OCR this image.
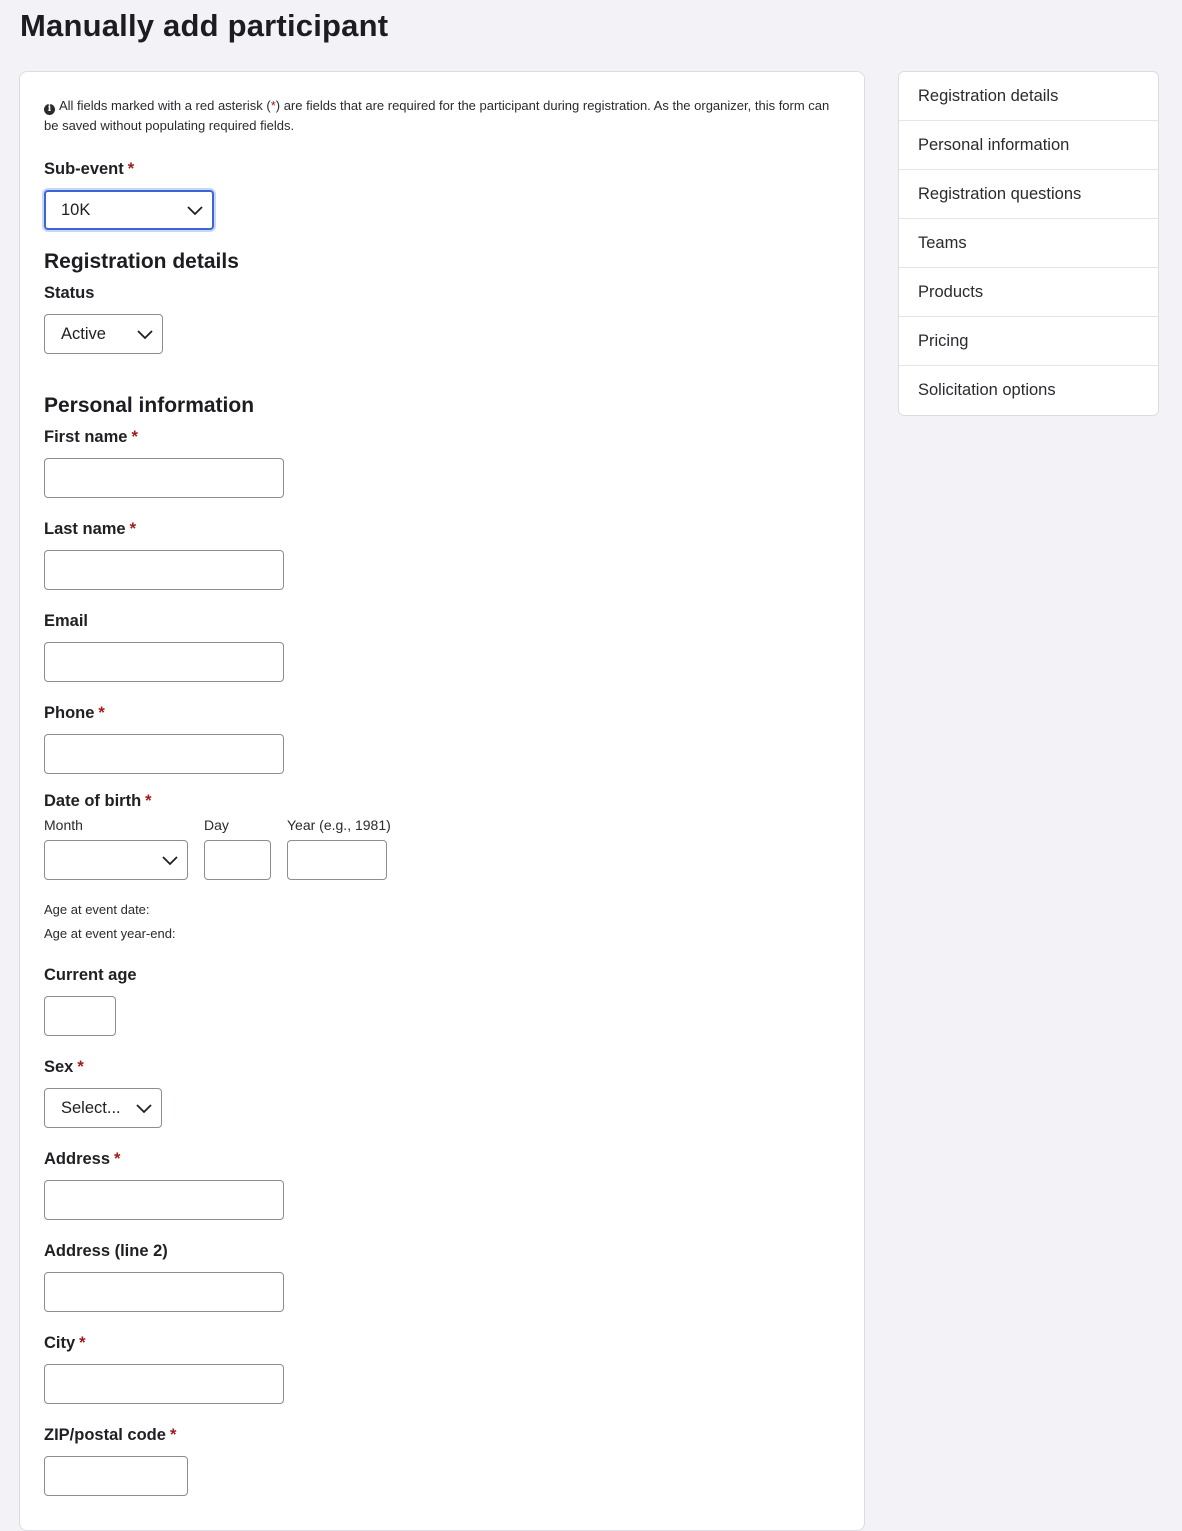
Manually add participant
i All fields marked with a red asterisk (*) are fields that are required for the participant during registration. As the organizer, this form can be saved without populating required fields.
Sub-event *
10K
Registration details
Status
Active
Personal information
First name *
Last name *
Email
Phone *
Date of birth *
Month	Day	Year (e.g., 1981)
Age at event date:
Age at event year-end:
Current age
Sex *
Select...
Address *
Address (line 2)
City *
ZIP/postal code *
Registration details
Personal information
Registration questions
Teams
Products
Pricing
Solicitation options
